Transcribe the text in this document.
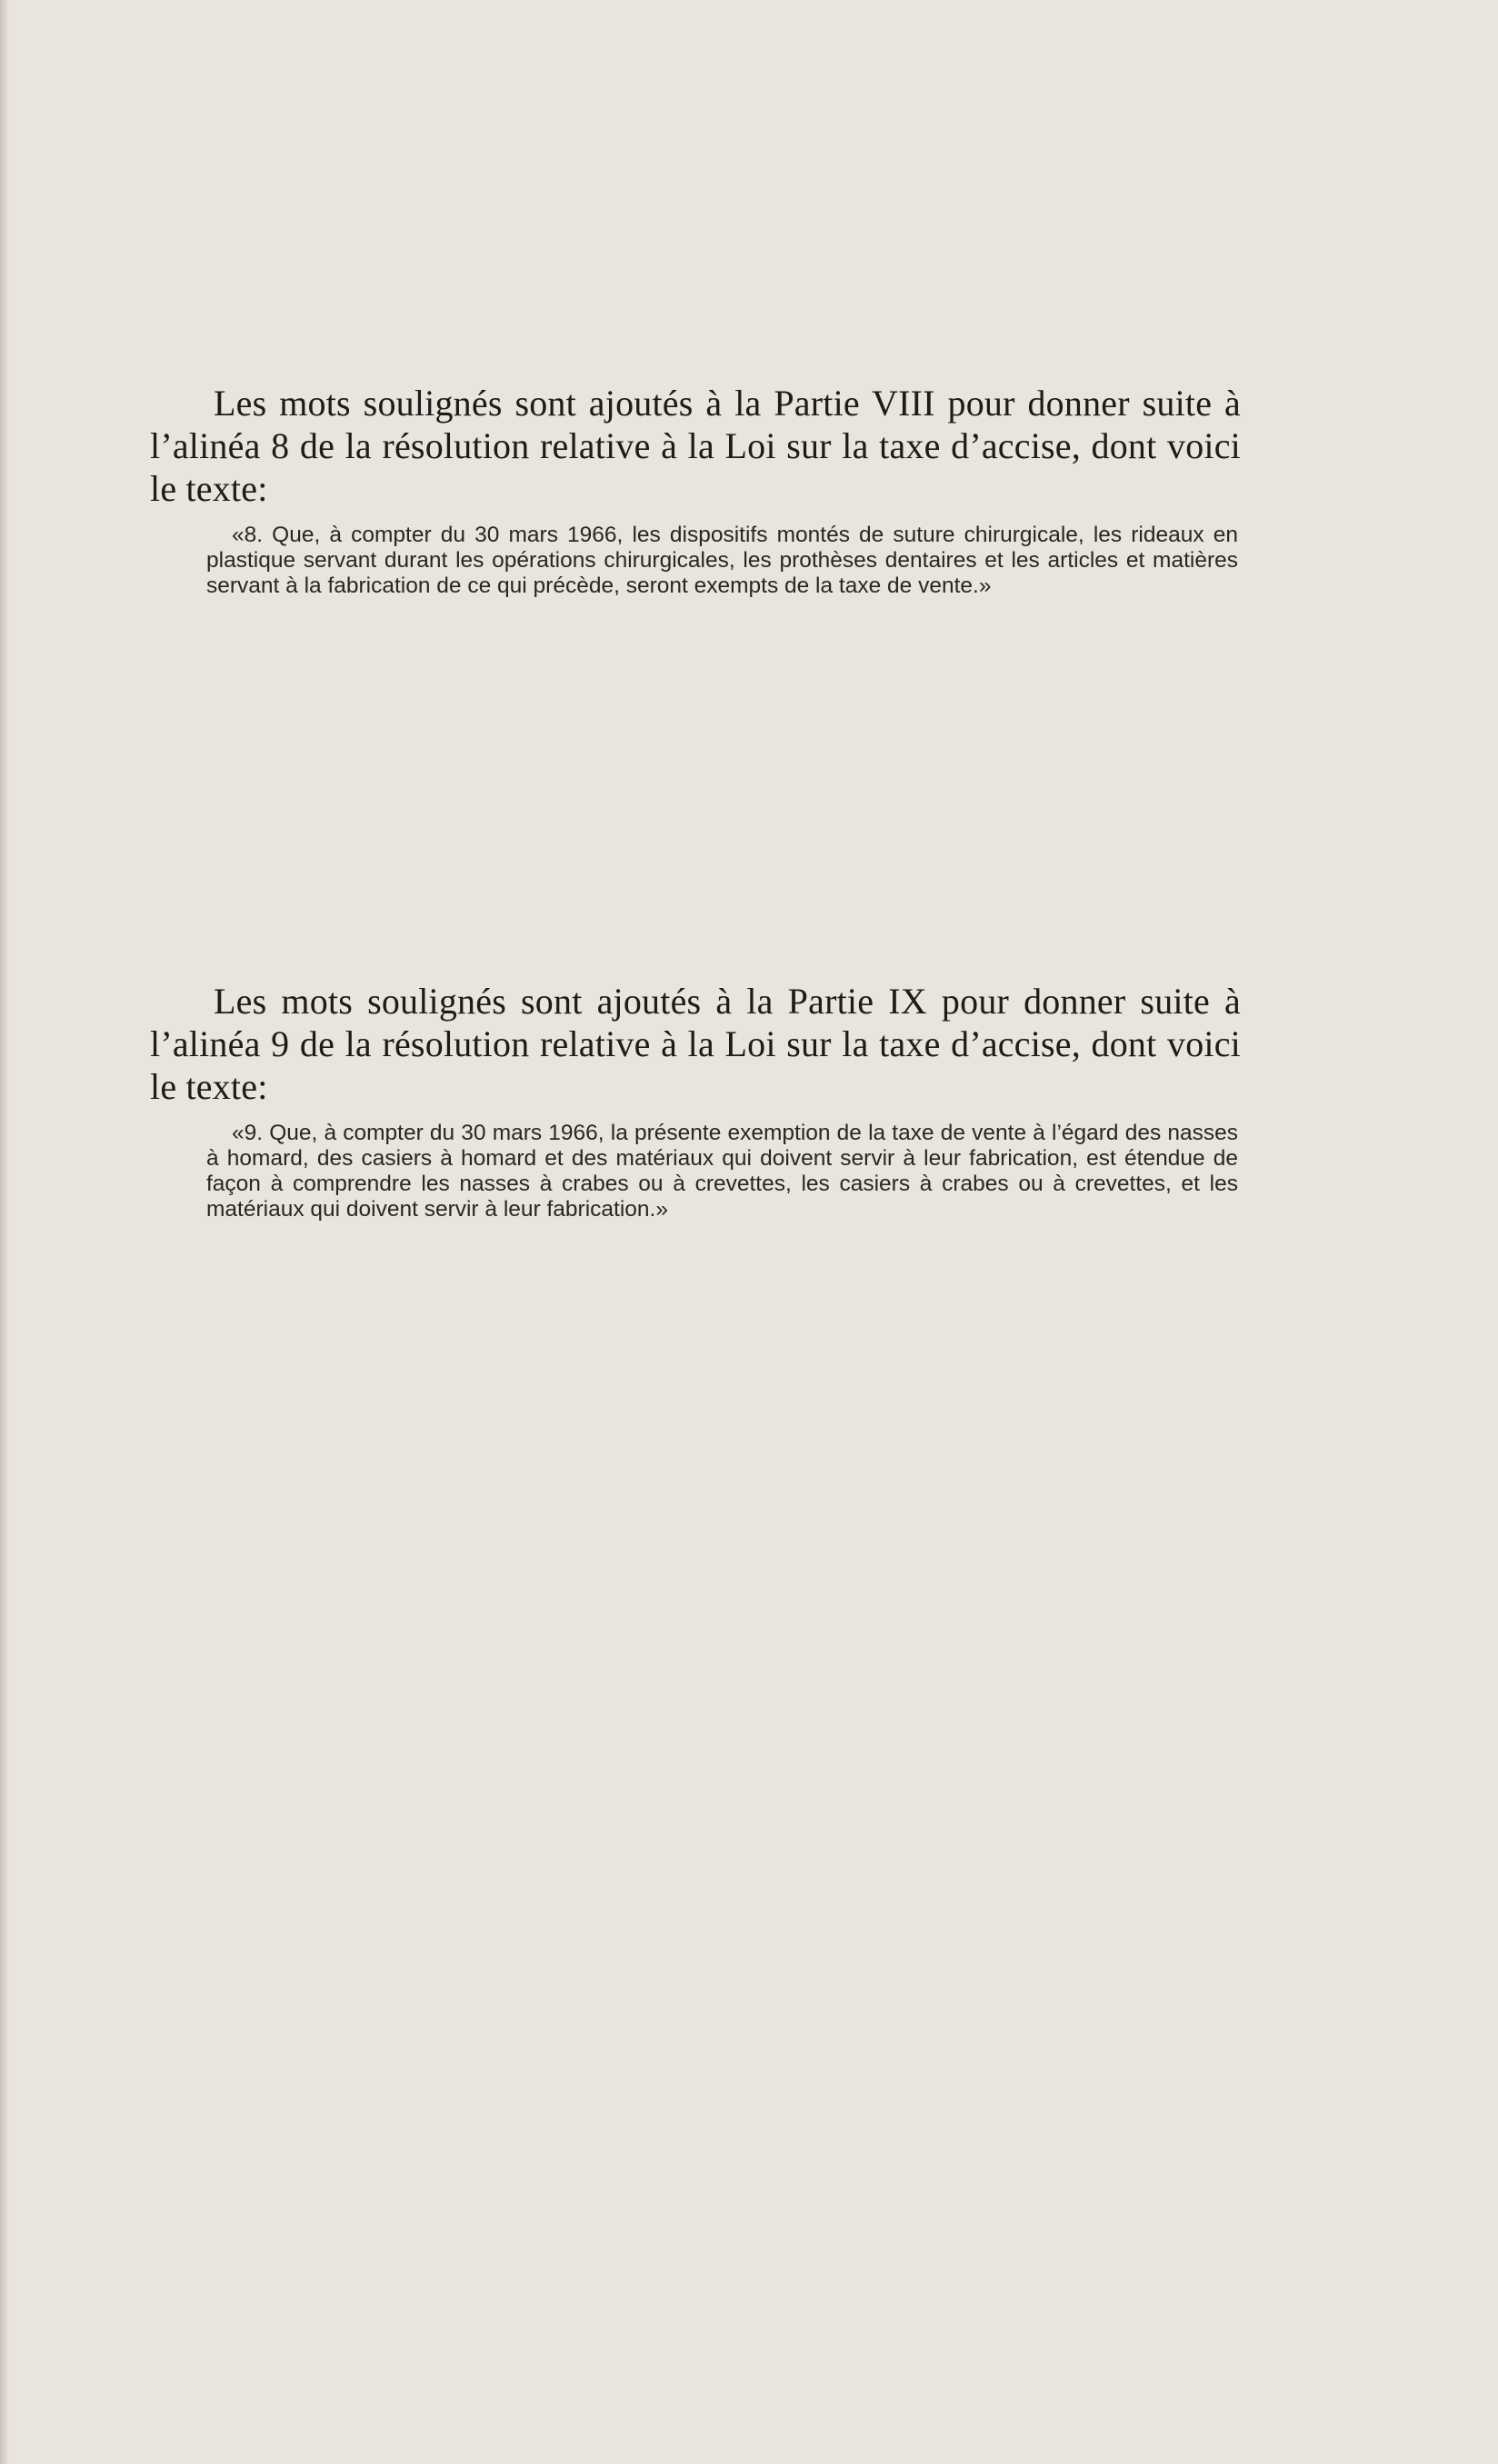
Les mots soulignés sont ajoutés à la Partie VIII pour donner suite à l’alinéa 8 de la résolution relative à la Loi sur la taxe d’accise, dont voici le texte:

«8. Que, à compter du 30 mars 1966, les dispositifs montés de suture chirurgicale, les rideaux en plastique servant durant les opérations chirurgicales, les prothèses dentaires et les articles et matières servant à la fabrication de ce qui précède, seront exempts de la taxe de vente.»

Les mots soulignés sont ajoutés à la Partie IX pour donner suite à l’alinéa 9 de la résolution relative à la Loi sur la taxe d’accise, dont voici le texte:

«9. Que, à compter du 30 mars 1966, la présente exemption de la taxe de vente à l’égard des nasses à homard, des casiers à homard et des matériaux qui doivent servir à leur fabrication, est étendue de façon à comprendre les nasses à crabes ou à crevettes, les casiers à crabes ou à crevettes, et les matériaux qui doivent servir à leur fabrication.»
